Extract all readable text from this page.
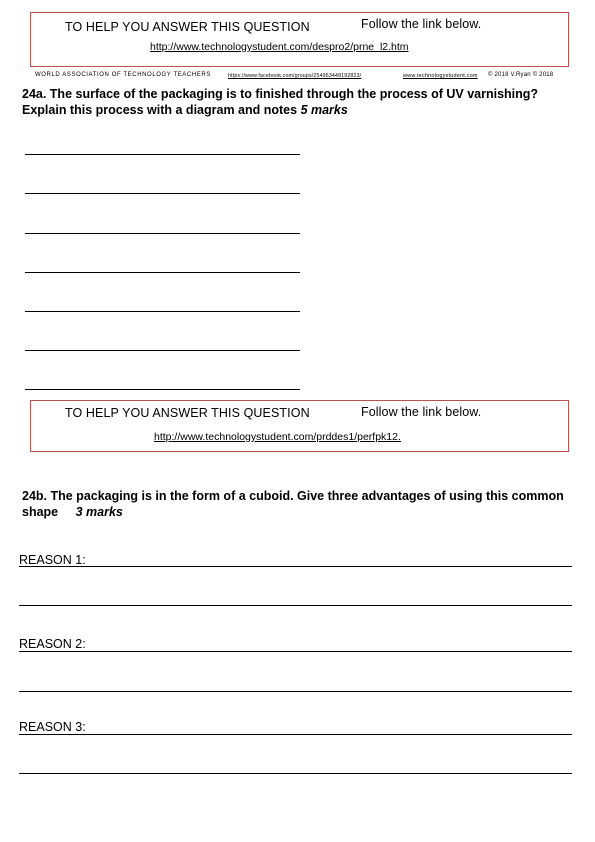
TO HELP YOU ANSWER THIS QUESTION	Follow the link below.
http://www.technologystudent.com/despro2/prne  l2.htm
WORLD ASSOCIATION OF TECHNOLOGY TEACHERS	https://www.facebook.com/groups/254963448192823/	www.technologystudent.com © 2018 V.Ryan © 2018
24a. The surface of the packaging is to finished through the process of UV varnishing? Explain this process with a diagram and notes 5 marks
TO HELP YOU ANSWER THIS QUESTION	Follow the link below.
http://www.technologystudent.com/prddes1/perfpk12.
24b. The packaging is in the form of a cuboid. Give three advantages of using this common shape 3 marks
REASON 1:
REASON 2:
REASON 3:
